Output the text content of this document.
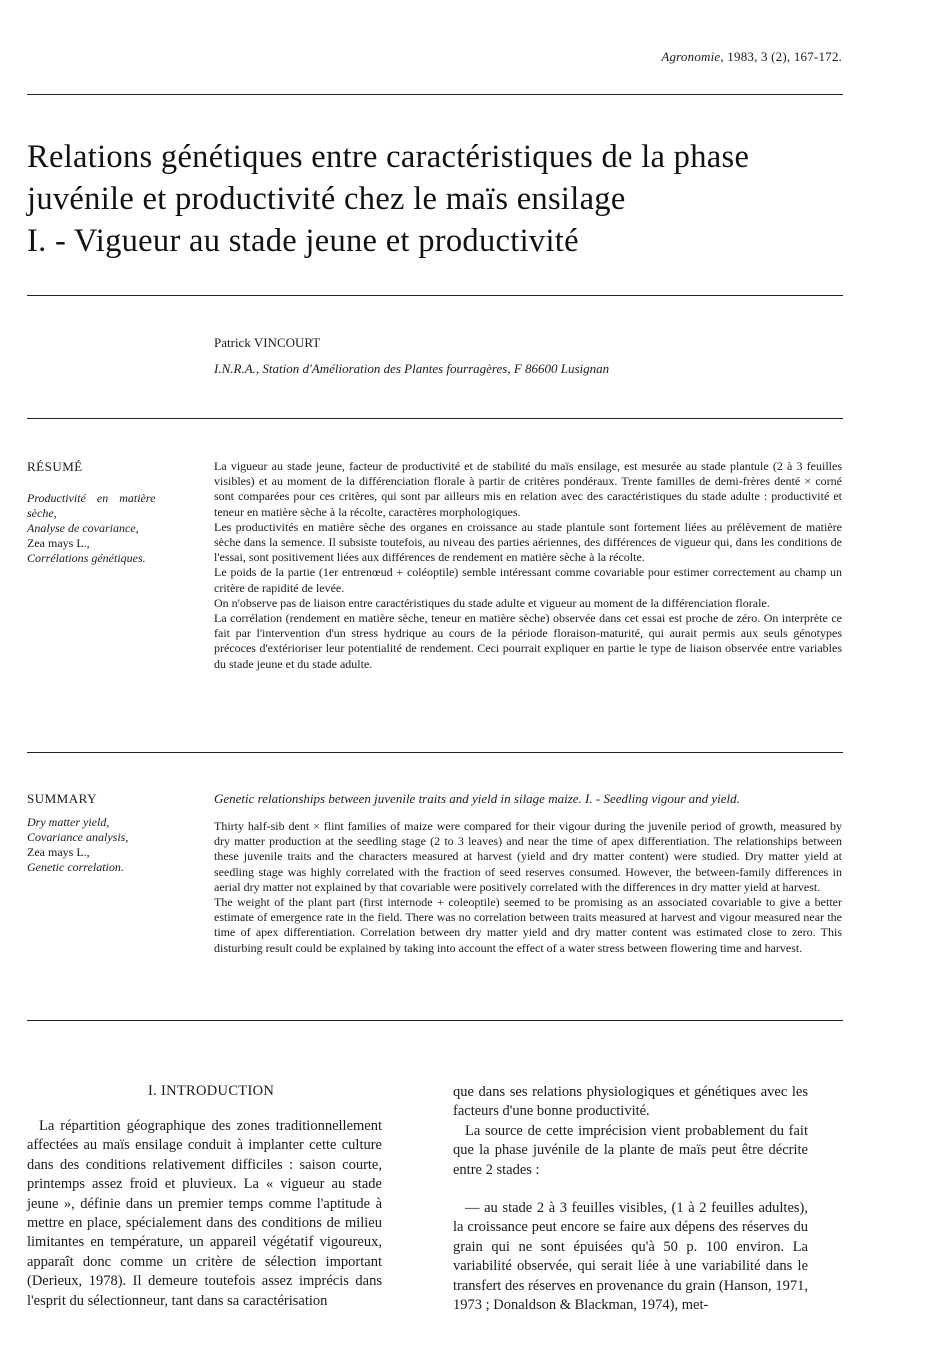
Agronomie, 1983, 3 (2), 167-172.
Relations génétiques entre caractéristiques de la phase
juvénile et productivité chez le maïs ensilage
I. - Vigueur au stade jeune et productivité
Patrick VINCOURT
I.N.R.A., Station d'Amélioration des Plantes fourragères, F 86600 Lusignan
RÉSUMÉ
Productivité en matière
sèche,
Analyse de covariance,
Zea mays L.,
Corrélations génétiques.

La vigueur au stade jeune, facteur de productivité et de stabilité du maïs ensilage, est mesurée au stade plantule (2 à 3 feuilles visibles) et au moment de la différenciation florale à partir de critères pondéraux. Trente familles de demi-frères denté × corné sont comparées pour ces critères, qui sont par ailleurs mis en relation avec des caractéristiques du stade adulte : productivité et teneur en matière sèche à la récolte, caractères morphologiques.

Les productivités en matière sèche des organes en croissance au stade plantule sont fortement liées au prélèvement de matière sèche dans la semence. Il subsiste toutefois, au niveau des parties aériennes, des différences de vigueur qui, dans les conditions de l'essai, sont positivement liées aux différences de rendement en matière sèche à la récolte.

Le poids de la partie (1er entrenœud + coléoptile) semble intéressant comme covariable pour estimer correctement au champ un critère de rapidité de levée.

On n'observe pas de liaison entre caractéristiques du stade adulte et vigueur au moment de la différenciation florale.

La corrélation (rendement en matière sèche, teneur en matière sèche) observée dans cet essai est proche de zéro. On interprète ce fait par l'intervention d'un stress hydrique au cours de la période floraison-maturité, qui aurait permis aux seuls génotypes précoces d'extérioriser leur potentialité de rendement. Ceci pourrait expliquer en partie le type de liaison observée entre variables du stade jeune et du stade adulte.

SUMMARY
Dry matter yield,
Covariance analysis,
Zea mays L.,
Genetic correlation.
Genetic relationships between juvenile traits and yield in silage maize. I. - Seedling vigour and yield.

Thirty half-sib dent × flint families of maize were compared for their vigour during the juvenile period of growth, measured by dry matter production at the seedling stage (2 to 3 leaves) and near the time of apex differentiation. The relationships between these juvenile traits and the characters measured at harvest (yield and dry matter content) were studied. Dry matter yield at seedling stage was highly correlated with the fraction of seed reserves consumed. However, the between-family differences in aerial dry matter not explained by that covariable were positively correlated with the differences in dry matter yield at harvest.

The weight of the plant part (first internode + coleoptile) seemed to be promising as an associated covariable to give a better estimate of emergence rate in the field. There was no correlation between traits measured at harvest and vigour measured near the time of apex differentiation. Correlation between dry matter yield and dry matter content was estimated close to zero. This disturbing result could be explained by taking into account the effect of a water stress between flowering time and harvest.

I. INTRODUCTION

La répartition géographique des zones traditionnellement affectées au maïs ensilage conduit à implanter cette culture dans des conditions relativement difficiles : saison courte, printemps assez froid et pluvieux. La « vigueur au stade jeune », définie dans un premier temps comme l'aptitude à mettre en place, spécialement dans des conditions de milieu limitantes en température, un appareil végétatif vigoureux, apparaît donc comme un critère de sélection important (Derieux, 1978). Il demeure toutefois assez imprécis dans l'esprit du sélectionneur, tant dans sa caractérisation

que dans ses relations physiologiques et génétiques avec les facteurs d'une bonne productivité.

La source de cette imprécision vient probablement du fait que la phase juvénile de la plante de maïs peut être décrite entre 2 stades :

— au stade 2 à 3 feuilles visibles, (1 à 2 feuilles adultes), la croissance peut encore se faire aux dépens des réserves du grain qui ne sont épuisées qu'à 50 p. 100 environ. La variabilité observée, qui serait liée à une variabilité dans le transfert des réserves en provenance du grain (Hanson, 1971, 1973 ; Donaldson & Blackman, 1974), met-
